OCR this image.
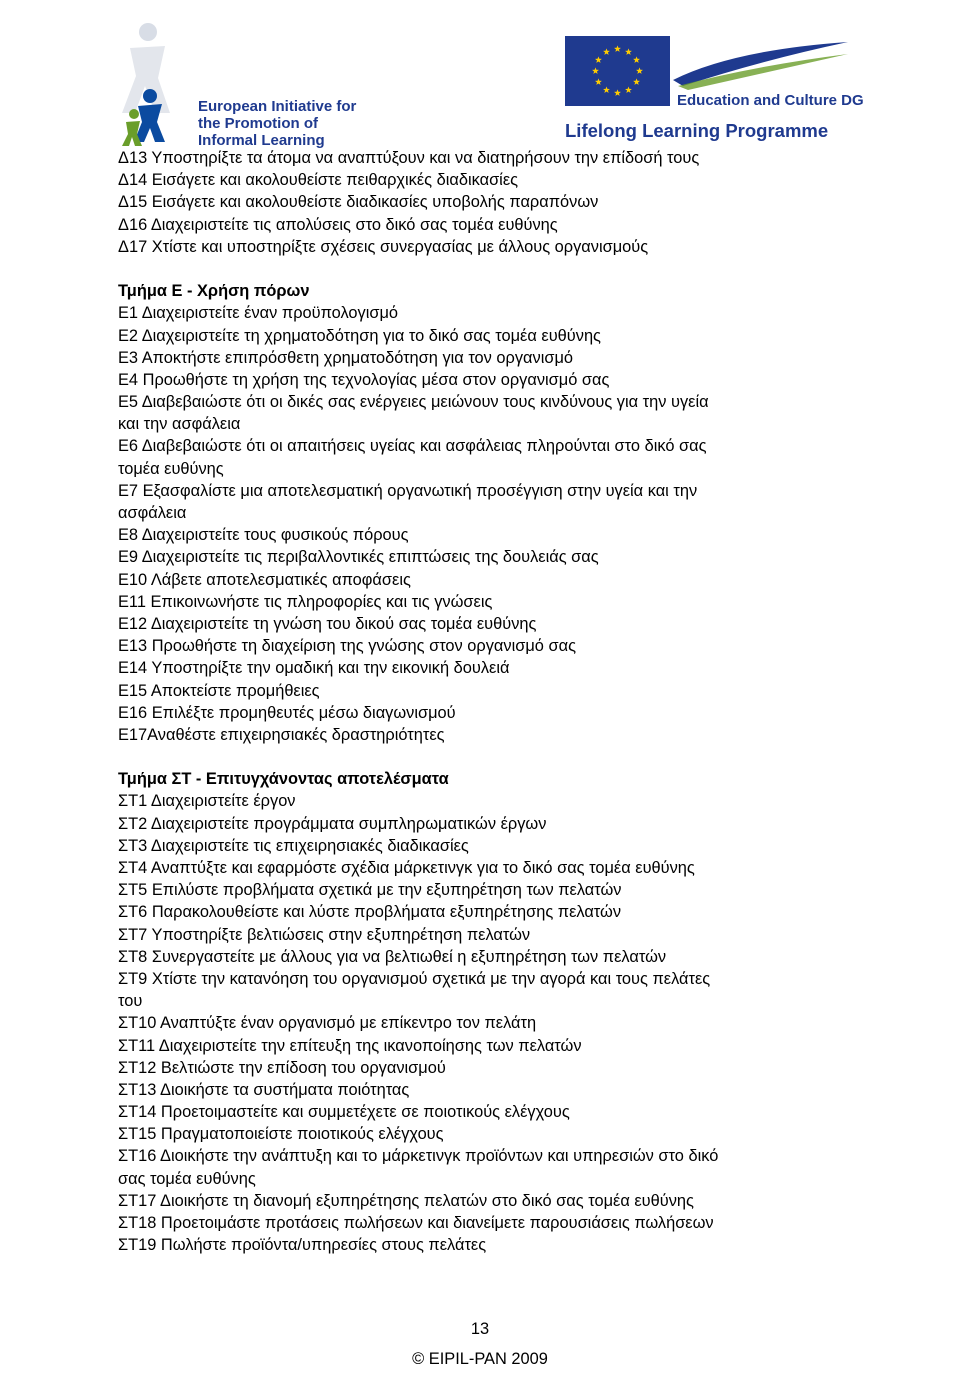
European Initiative for the Promotion of Informal Learning
Education and Culture DG
Lifelong Learning Programme
Δ13 Υποστηρίξτε τα άτομα να αναπτύξουν και να διατηρήσουν την επίδοσή τους
Δ14 Εισάγετε και ακολουθείστε πειθαρχικές διαδικασίες
Δ15 Εισάγετε και ακολουθείστε διαδικασίες υποβολής παραπόνων
Δ16 Διαχειριστείτε τις απολύσεις στο δικό σας τομέα ευθύνης
Δ17 Χτίστε και υποστηρίξτε σχέσεις συνεργασίας με άλλους οργανισμούς
Τμήμα Ε - Χρήση πόρων
Ε1 Διαχειριστείτε έναν προϋπολογισμό
Ε2 Διαχειριστείτε τη χρηματοδότηση για το δικό σας τομέα ευθύνης
Ε3 Αποκτήστε επιπρόσθετη χρηματοδότηση για τον οργανισμό
Ε4 Προωθήστε τη χρήση της τεχνολογίας μέσα στον οργανισμό σας
Ε5 Διαβεβαιώστε ότι οι δικές σας ενέργειες μειώνουν τους κινδύνους για την υγεία
και την ασφάλεια
Ε6 Διαβεβαιώστε ότι οι απαιτήσεις υγείας και ασφάλειας πληρούνται στο δικό σας
τομέα ευθύνης
Ε7 Εξασφαλίστε μια αποτελεσματική οργανωτική προσέγγιση στην υγεία και την
ασφάλεια
Ε8 Διαχειριστείτε τους φυσικούς πόρους
Ε9 Διαχειριστείτε τις περιβαλλοντικές επιπτώσεις της δουλειάς σας
Ε10 Λάβετε αποτελεσματικές αποφάσεις
Ε11 Επικοινωνήστε τις πληροφορίες και τις γνώσεις
Ε12 Διαχειριστείτε τη γνώση του δικού σας τομέα ευθύνης
Ε13 Προωθήστε τη διαχείριση της γνώσης στον οργανισμό σας
Ε14 Υποστηρίξτε την ομαδική και την εικονική δουλειά
Ε15 Αποκτείστε προμήθειες
Ε16 Επιλέξτε προμηθευτές μέσω διαγωνισμού
Ε17Αναθέστε επιχειρησιακές δραστηριότητες
Τμήμα ΣΤ - Επιτυγχάνοντας αποτελέσματα
ΣΤ1 Διαχειριστείτε έργον
ΣΤ2 Διαχειριστείτε προγράμματα συμπληρωματικών έργων
ΣΤ3 Διαχειριστείτε τις επιχειρησιακές διαδικασίες
ΣΤ4 Αναπτύξτε και εφαρμόστε σχέδια μάρκετινγκ για το δικό σας τομέα ευθύνης
ΣΤ5 Επιλύστε προβλήματα σχετικά με την εξυπηρέτηση των πελατών
ΣΤ6 Παρακολουθείστε και λύστε προβλήματα εξυπηρέτησης πελατών
ΣΤ7 Υποστηρίξτε βελτιώσεις στην εξυπηρέτηση πελατών
ΣΤ8 Συνεργαστείτε με άλλους για να βελτιωθεί η εξυπηρέτηση των πελατών
ΣΤ9 Χτίστε την κατανόηση του οργανισμού σχετικά με την αγορά και τους πελάτες
του
ΣΤ10 Αναπτύξτε έναν οργανισμό με επίκεντρο τον πελάτη
ΣΤ11 Διαχειριστείτε την επίτευξη της ικανοποίησης των πελατών
ΣΤ12 Βελτιώστε την επίδοση του οργανισμού
ΣΤ13 Διοικήστε τα συστήματα ποιότητας
ΣΤ14 Προετοιμαστείτε και συμμετέχετε σε ποιοτικούς ελέγχους
ΣΤ15 Πραγματοποιείστε ποιοτικούς ελέγχους
ΣΤ16 Διοικήστε την ανάπτυξη και το μάρκετινγκ προϊόντων και υπηρεσιών στο δικό
σας τομέα ευθύνης
ΣΤ17 Διοικήστε τη διανομή εξυπηρέτησης πελατών στο δικό σας τομέα ευθύνης
ΣΤ18 Προετοιμάστε προτάσεις πωλήσεων και διανείμετε παρουσιάσεις πωλήσεων
ΣΤ19 Πωλήστε προϊόντα/υπηρεσίες στους πελάτες
13
© EIPIL-PAN 2009
